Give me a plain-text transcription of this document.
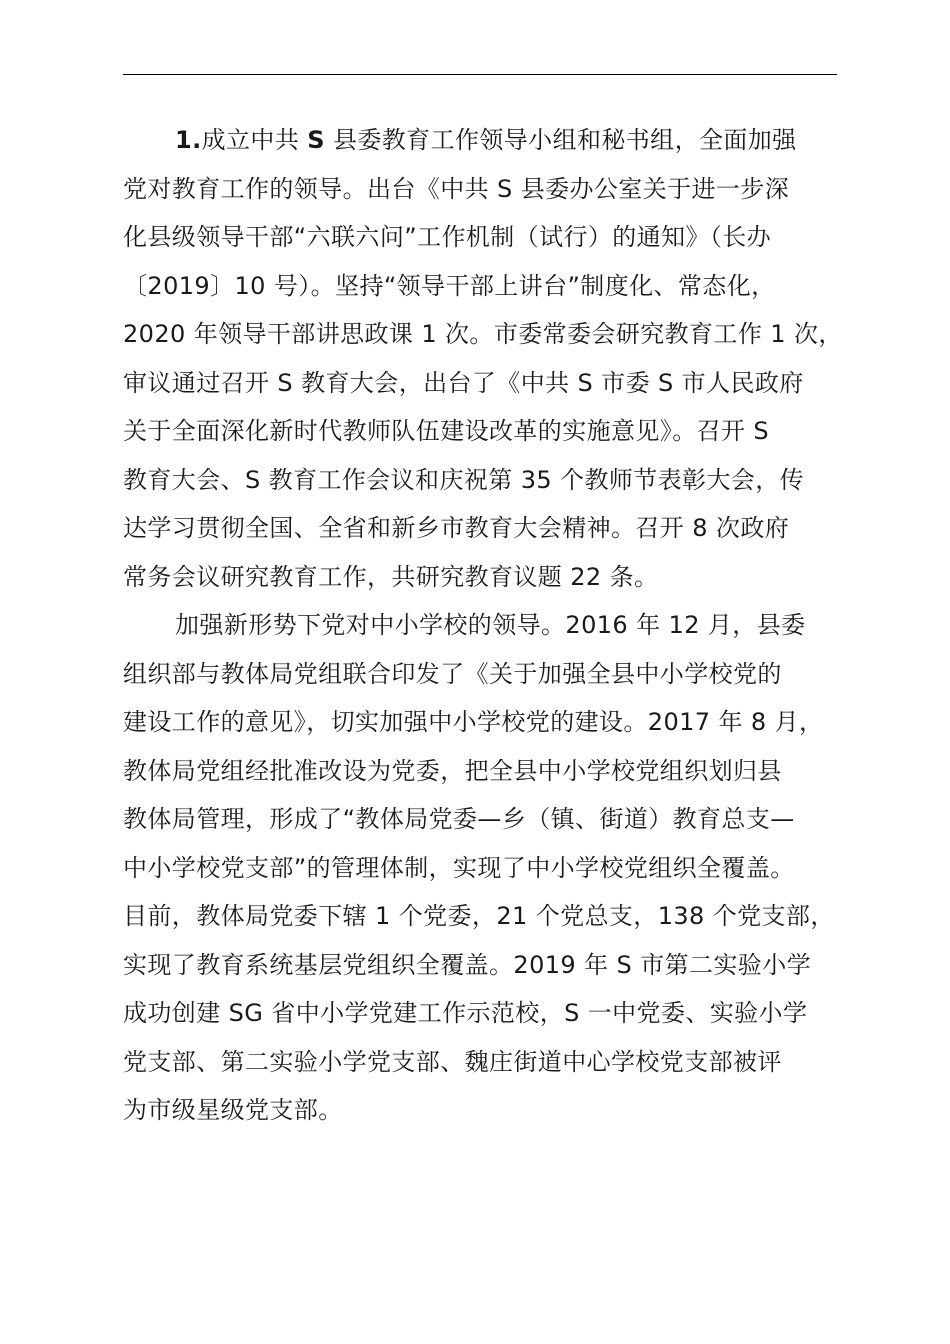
1.成立中共 S 县委教育工作领导小组和秘书组，全面加强
党对教育工作的领导。出台《中共 S 县委办公室关于进一步深
化县级领导干部“六联六问”工作机制（试行）的通知》（长办
〔2019〕10 号）。坚持“领导干部上讲台”制度化、常态化，
2020 年领导干部讲思政课 1 次。市委常委会研究教育工作 1 次，
审议通过召开 S 教育大会，出台了《中共 S 市委 S 市人民政府
关于全面深化新时代教师队伍建设改革的实施意见》。召开 S
教育大会、S 教育工作会议和庆祝第 35 个教师节表彰大会，传
达学习贯彻全国、全省和新乡市教育大会精神。召开 8 次政府
常务会议研究教育工作，共研究教育议题 22 条。

加强新形势下党对中小学校的领导。2016 年 12 月，县委
组织部与教体局党组联合印发了《关于加强全县中小学校党的
建设工作的意见》，切实加强中小学校党的建设。2017 年 8 月，
教体局党组经批准改设为党委，把全县中小学校党组织划归县
教体局管理，形成了“教体局党委—乡（镇、街道）教育总支—
中小学校党支部”的管理体制，实现了中小学校党组织全覆盖。
目前，教体局党委下辖 1 个党委，21 个党总支，138 个党支部，
实现了教育系统基层党组织全覆盖。2019 年 S 市第二实验小学
成功创建 SG 省中小学党建工作示范校，S 一中党委、实验小学
党支部、第二实验小学党支部、魏庄街道中心学校党支部被评
为市级星级党支部。
